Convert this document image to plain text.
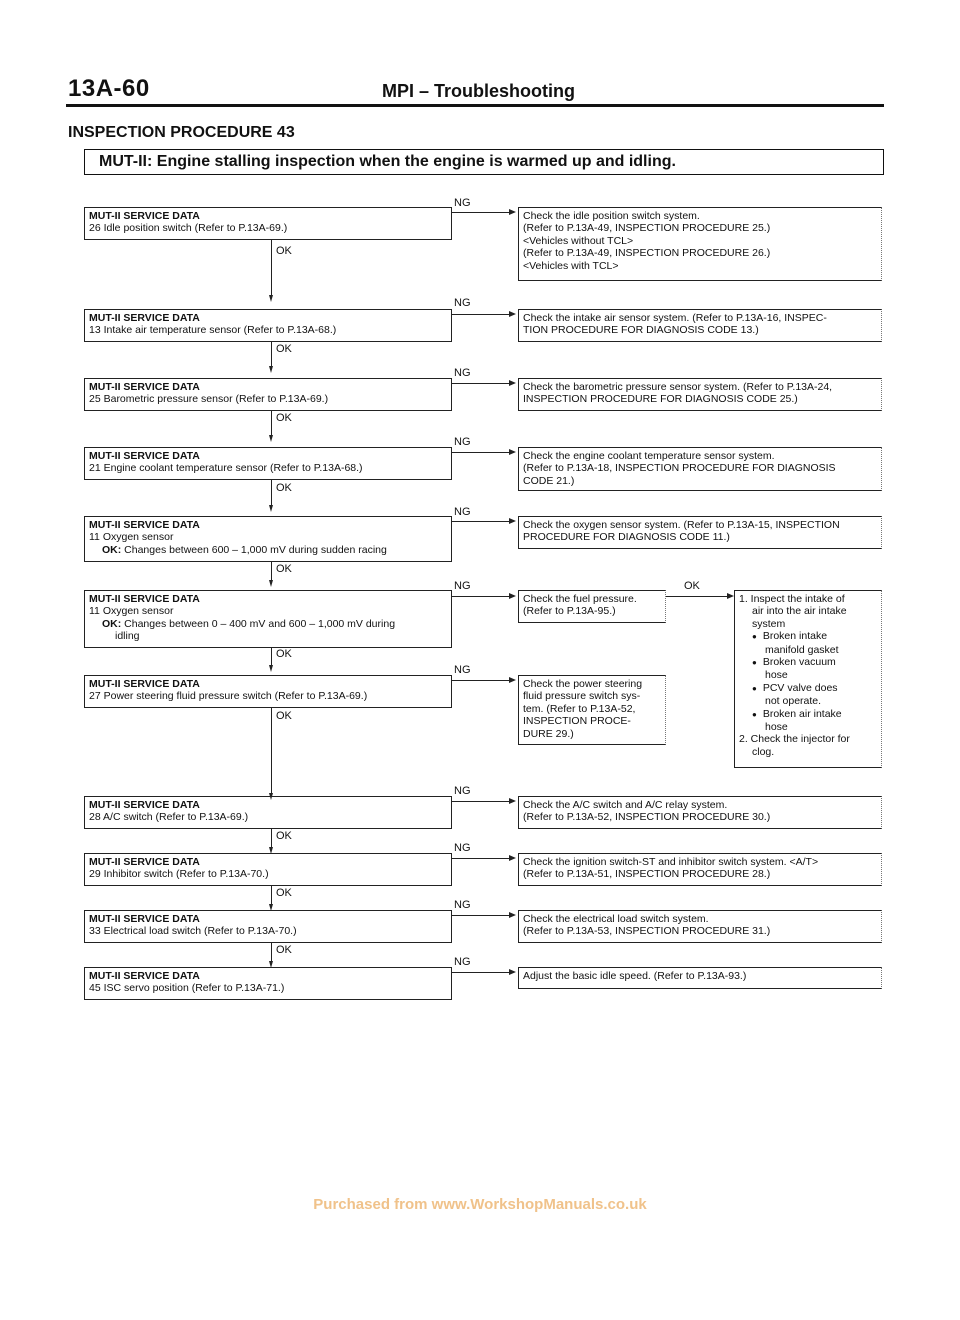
13A-60	MPI – Troubleshooting
INSPECTION PROCEDURE 43
MUT-II: Engine stalling inspection when the engine is warmed up and idling.
MUT-II SERVICE DATA
26 Idle position switch (Refer to P.13A-69.)
NG
Check the idle position switch system.
(Refer to P.13A-49, INSPECTION PROCEDURE 25.)
<Vehicles without TCL>
(Refer to P.13A-49, INSPECTION PROCEDURE 26.)
<Vehicles with TCL>
OK
MUT-II SERVICE DATA
13 Intake air temperature sensor (Refer to P.13A-68.)
NG
Check the intake air sensor system. (Refer to P.13A-16, INSPEC-
TION PROCEDURE FOR DIAGNOSIS CODE 13.)
OK
MUT-II SERVICE DATA
25 Barometric pressure sensor (Refer to P.13A-69.)
NG
Check the barometric pressure sensor system. (Refer to P.13A-24,
INSPECTION PROCEDURE FOR DIAGNOSIS CODE 25.)
OK
MUT-II SERVICE DATA
21 Engine coolant temperature sensor (Refer to P.13A-68.)
NG
Check the engine coolant temperature sensor system.
(Refer to P.13A-18, INSPECTION PROCEDURE FOR DIAGNOSIS
CODE 21.)
OK
MUT-II SERVICE DATA
11 Oxygen sensor
OK: Changes between 600 – 1,000 mV during sudden racing
NG
Check the oxygen sensor system. (Refer to P.13A-15, INSPECTION
PROCEDURE FOR DIAGNOSIS CODE 11.)
OK
MUT-II SERVICE DATA
11 Oxygen sensor
OK: Changes between 0 – 400 mV and 600 – 1,000 mV during
idling
NG
Check the fuel pressure.
(Refer to P.13A-95.)
OK
1. Inspect the intake of
air into the air intake
system
● Broken intake
manifold gasket
● Broken vacuum
hose
● PCV valve does
not operate.
● Broken air intake
hose
2. Check the injector for
clog.
OK
MUT-II SERVICE DATA
27 Power steering fluid pressure switch (Refer to P.13A-69.)
NG
Check the power steering
fluid pressure switch sys-
tem. (Refer to P.13A-52,
INSPECTION PROCE-
DURE 29.)
OK
MUT-II SERVICE DATA
28 A/C switch (Refer to P.13A-69.)
NG
Check the A/C switch and A/C relay system.
(Refer to P.13A-52, INSPECTION PROCEDURE 30.)
OK
MUT-II SERVICE DATA
29 Inhibitor switch (Refer to P.13A-70.)
NG
Check the ignition switch-ST and inhibitor switch system. <A/T>
(Refer to P.13A-51, INSPECTION PROCEDURE 28.)
OK
MUT-II SERVICE DATA
33 Electrical load switch (Refer to P.13A-70.)
NG
Check the electrical load switch system.
(Refer to P.13A-53, INSPECTION PROCEDURE 31.)
OK
MUT-II SERVICE DATA
45 ISC servo position (Refer to P.13A-71.)
NG
Adjust the basic idle speed. (Refer to P.13A-93.)
Purchased from www.WorkshopManuals.co.uk
